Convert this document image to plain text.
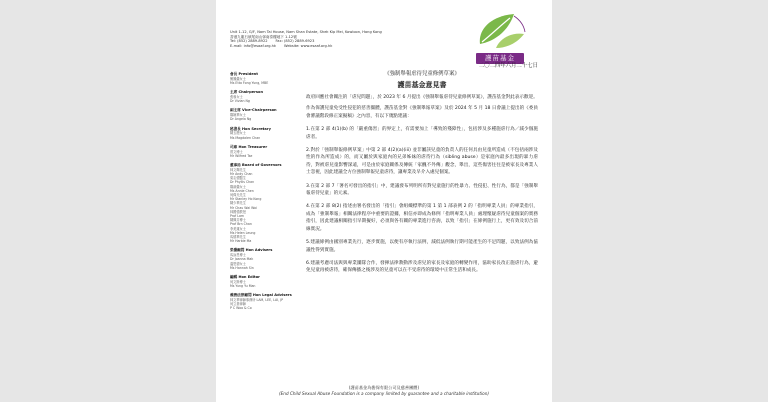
Unit 1-12, G/F, Nam Tai House, Nam Shan Estate, Shek Kip Mei, Kowloon, Hong Kong
香港九龍石硤尾南山邨南泰樓地下 1-12號
Tel: (852) 2889-8922 Fax: (852) 2889-6923
E-mail: info@esaaf.org.hk Website: www.esaaf.org.hk
護苗基金
會長 President
劉鳳儀女士
Ms Etta Fong Yung, MBE
主席 Chairperson
張蓉女士
Dr Vivian Ng
副主席 Vice-Chairperson
鄭婉華女士
Dr Angela Ng
秘書長 Hon Secretary
陳玉麗女士
Ms Magdalen Chan
司庫 Hon Treasurer
曾文博士
Mr Wilfred Tse
董事局 Board of Governors
林文輝先生
Mr Andy Chan
梁志強醫生
Dr Phyllis Chan
鄭淑儀女士
Ms Annie Chen
何偉光先生
Mr Stanley Ho Kong
陳少華先生
Mr Chau Wai Wai
林國強教授
Prof Lam
陳佩芬博士
Prof Brn Chan
李美蓮女士
Ms Helen Leung
馬德華先生
Mr Harbie Ma
榮譽顧問 Hon Advisers
馬詠恩博士
Dr Joanna Mak
溫恩德女士
Ms Hannah Sin
編輯 Hon Editor
何文斯博士
Ms Yung Yu Man
義務法律顧問 Hon Legal Advisers
林文華律師事務所 LAM, LEE, LAI, JP
何立基律師
P C Woo & Co
二〇二四年六月二十七日
《強制舉報虐待兒童條例草案》
護苗基金意見書

政府回應社會關注的「虐兒問題」，於 2023 年 6 月提出《強制舉報虐待兒童條例草案》，護苗基金對此表示歡迎。

作為保護兒童免受性侵犯的慈善團體，護苗基金對《強制舉報草案》及於 2024 年 5 月 18 日會議上提出的《委員會審議階段修正案擬稿》之內容，有以下幾點建議：

1.在第 2 部 4(1)(b) 的「嚴重傷害」的界定上，有需要加上「導致的殘障性」，包括涉及多種施虐行為／減少個施虐者。

2.對於「強制舉報條例草案」中第 2 部 4(2)(a)(iii) 並非屬該兒童的負責人的任何具由兒童所造成（不包括兩涉及性的作為所造成）的，而又屬於與家庭內的兄弟姊妹的虐待行為（sibling abuse）是家庭內最多出現的暴力虐待，對被虐兒童影響深遠，可是由於家庭關係及傳統「家醜不外傳」觀念，舉出，這些傷害往往是被家長及專業人士忽視，因此建議全方位強制舉報兒童虐待，讓專業及早介入處兒個案。

3.在第 2 部 7「署名可發出的指引」中，建議發布列明所有對兒童施行的性暴力、性侵犯、性行為，都是「強制舉報虐待兒童」的元素。

4.在第 2 部 8(2) 指述由署名發出的「指引」會組織標準的第 1 第 1 部表例 2 的「指明專業人員」的專業指引，成為「強制舉報」相關法律程序中重要的證據，相信亦即成為條例「指明專業人員」處理懷疑虐待兒童個案的實務指引，因此建議相關指引早期擬好，必須與各有關的專業進行咨詢，以致「指引」在條例施行上，更有效及切合前線實況。

5.建議條例由國別專業先行，逐步實施，以便有序執行法例，減低法例執行期可能產生的不足問題，以致法例為協議性得到實施。

6.建議考慮司法與與專業團隊合作，發揮法律教動涉及虐兒的家長及家庭的轉變作用，協助家長改正施虐行為，避免兒童再被虐待，確保傳播之後涉及的兒童可以在不受虐待的環境中正常生活和成長。

(護苗基金為擔保有限公司及慈善團體)
(End Child Sexual Abuse Foundation is a company limited by guarantee and a charitable institution)
